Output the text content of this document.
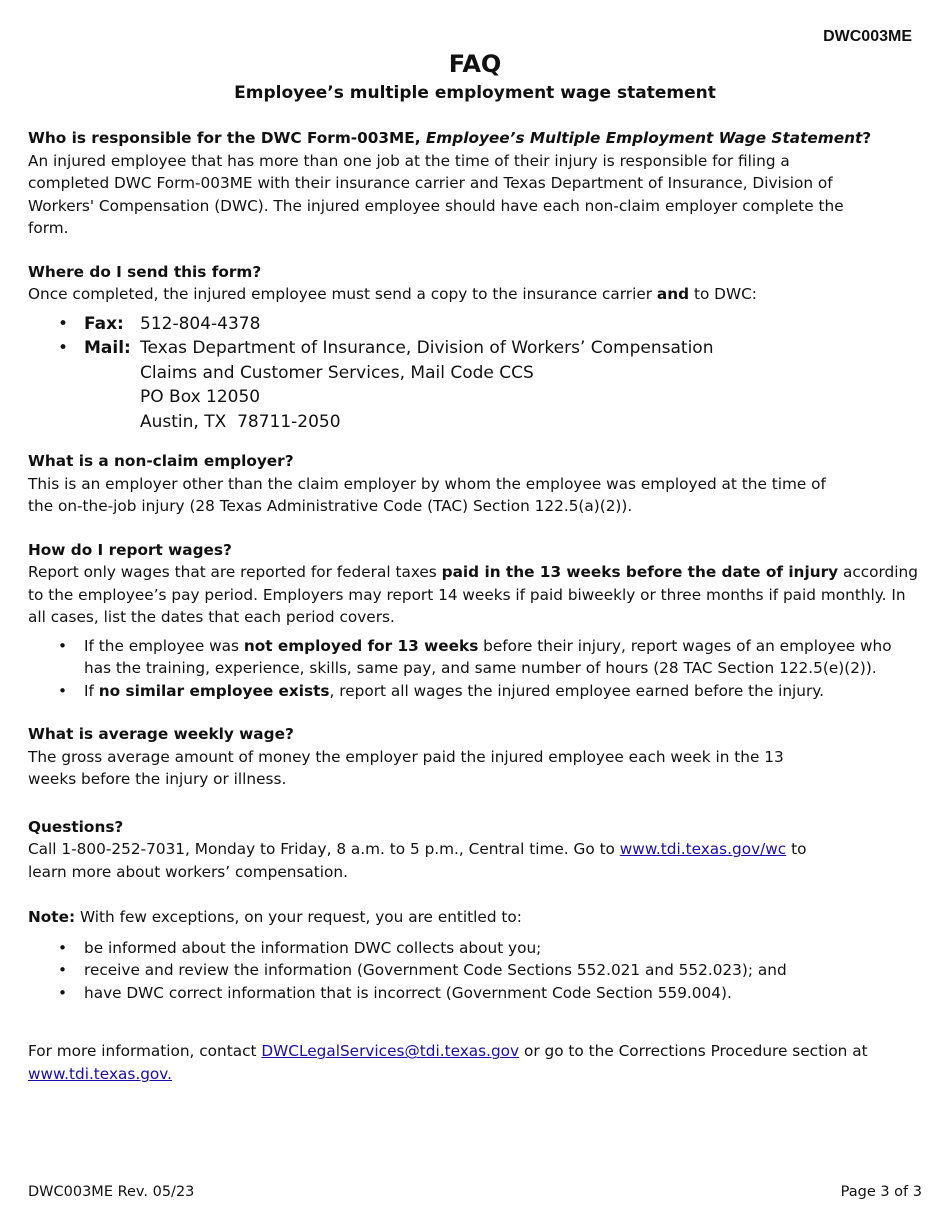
DWC003ME
FAQ
Employee’s multiple employment wage statement

Who is responsible for the DWC Form-003ME, Employee’s Multiple Employment Wage Statement?

An injured employee that has more than one job at the time of their injury is responsible for filing a completed DWC Form-003ME with their insurance carrier and Texas Department of Insurance, Division of Workers' Compensation (DWC). The injured employee should have each non-claim employer complete the form.

Where do I send this form?

Once completed, the injured employee must send a copy to the insurance carrier and to DWC:

• Fax: 512-804-4378
• Mail: Texas Department of Insurance, Division of Workers’ Compensation
Claims and Customer Services, Mail Code CCS
PO Box 12050
Austin, TX  78711-2050

What is a non-claim employer?

This is an employer other than the claim employer by whom the employee was employed at the time of the on-the-job injury (28 Texas Administrative Code (TAC) Section 122.5(a)(2)).

How do I report wages?

Report only wages that are reported for federal taxes paid in the 13 weeks before the date of injury according to the employee’s pay period. Employers may report 14 weeks if paid biweekly or three months if paid monthly. In all cases, list the dates that each period covers.

• If the employee was not employed for 13 weeks before their injury, report wages of an employee who has the training, experience, skills, same pay, and same number of hours (28 TAC Section 122.5(e)(2)).
• If no similar employee exists, report all wages the injured employee earned before the injury.

What is average weekly wage?

The gross average amount of money the employer paid the injured employee each week in the 13 weeks before the injury or illness.

Questions?

Call 1-800-252-7031, Monday to Friday, 8 a.m. to 5 p.m., Central time. Go to www.tdi.texas.gov/wc to learn more about workers’ compensation.

Note: With few exceptions, on your request, you are entitled to:

• be informed about the information DWC collects about you;
• receive and review the information (Government Code Sections 552.021 and 552.023); and
• have DWC correct information that is incorrect (Government Code Section 559.004).

For more information, contact DWCLegalServices@tdi.texas.gov or go to the Corrections Procedure section at www.tdi.texas.gov.

DWC003ME Rev. 05/23	Page 3 of 3
